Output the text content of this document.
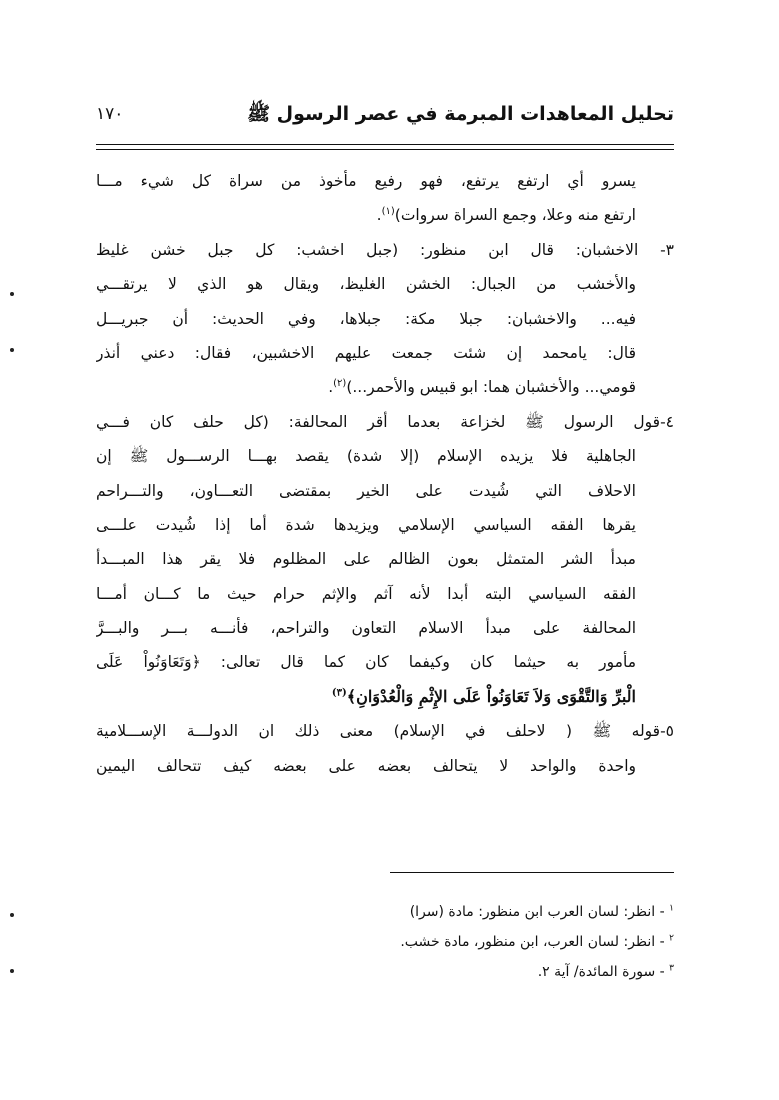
تحليل المعاهدات المبرمة في عصر الرسول ﷺ
١٧٠
يسرو أي ارتفع يرتفع، فهو رفيع مأخوذ من سراة كل شيء مـــا
ارتفع منه وعلا، وجمع السراة سروات)$^{(١)}$.
٣- الاخشبان: قال ابن منظور: (جبل اخشب: كل جبل خشن غليظ
والأخشب من الجبال: الخشن الغليظ، ويقال هو الذي لا يرتقـــي
فيه... والاخشبان: جبلا مكة: جبلاها، وفي الحديث: أن جبريـــل
قال: يامحمد إن شئت جمعت عليهم الاخشبين، فقال: دعني أنذر
قومي... والأخشبان هما: ابو قبيس والأحمر...)$^{(٢)}$.
٤-قول الرسول ﷺ لخزاعة بعدما أقر المحالفة: (كل حلف كان فـــي
الجاهلية فلا يزيده الإسلام (إلا شدة) يقصد بهـــا الرســـول ﷺ إن
الاحلاف التي شُيدت على الخير بمقتضى التعـــاون، والتـــراحم
يقرها الفقه السياسي الإسلامي ويزيدها شدة أما إذا شُيدت علـــى
مبدأ الشر المتمثل بعون الظالم على المظلوم فلا يقر هذا المبـــدأ
الفقه السياسي البته أبدا لأنه آثم والإثم حرام حيث ما كـــان أمـــا
المحالفة على مبدأ الاسلام التعاون والتراحم، فأنـــه بـــر والبـــرَّ
مأمور به حيثما كان وكيفما كان كما قال تعالى: ﴿وَتَعَاوَنُواْ عَلَى
الْبرِّ وَالتَّقْوَى وَلاَ تَعَاوَنُواْ عَلَى الإِثْمِ وَالْعُدْوَانِ﴾$^{(٣)}$
٥-قوله ﷺ ( لاحلف في الإسلام) معنى ذلك ان الدولـــة الإســـلامية
واحدة والواحد لا يتحالف بعضه على بعضه كيف تتحالف اليمين
$^١$ - انظر: لسان العرب ابن منظور: مادة (سرا)
$^٢$ - انظر: لسان العرب، ابن منظور، مادة خشب.
$^٣$ - سورة المائدة/ آية ٢.
